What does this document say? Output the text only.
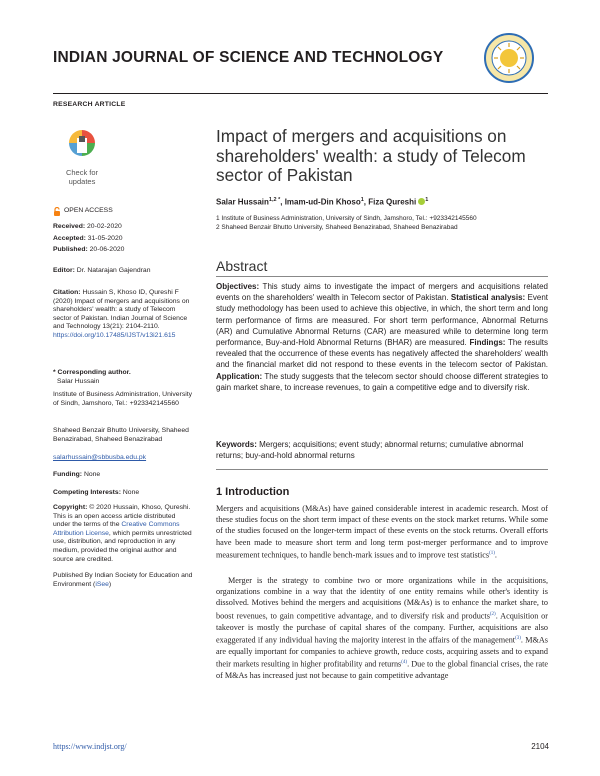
INDIAN JOURNAL OF SCIENCE AND TECHNOLOGY
RESEARCH ARTICLE
Check for updates
OPEN ACCESS
Received: 20-02-2020
Accepted: 31-05-2020
Published: 20-06-2020
Editor: Dr. Natarajan Gajendran
Citation: Hussain S, Khoso ID, Qureshi F (2020) Impact of mergers and acquisitions on shareholders' wealth: a study of Telecom sector of Pakistan. Indian Journal of Science and Technology 13(21): 2104-2110. https://doi.org/10.17485/IJST/v13i21.615
* Corresponding author.
Salar Hussain
Institute of Business Administration, University of Sindh, Jamshoro, Tel.: +923342145560
Shaheed Benzair Bhutto University, Shaheed Benazirabad, Shaheed Benazirabad
salarhussain@sbbusba.edu.pk
Funding: None
Competing Interests: None
Copyright: © 2020 Hussain, Khoso, Qureshi. This is an open access article distributed under the terms of the Creative Commons Attribution License, which permits unrestricted use, distribution, and reproduction in any medium, provided the original author and source are credited.
Published By Indian Society for Education and Environment (iSee)
Impact of mergers and acquisitions on shareholders' wealth: a study of Telecom sector of Pakistan
Salar Hussain$^{1,2 *}$, Imam-ud-Din Khoso$^1$, Fiza Qureshi $^1$
1 Institute of Business Administration, University of Sindh, Jamshoro, Tel.: +923342145560
2 Shaheed Benzair Bhutto University, Shaheed Benazirabad, Shaheed Benazirabad
Abstract
Objectives: This study aims to investigate the impact of mergers and acquisitions related events on the shareholders' wealth in Telecom sector of Pakistan. Statistical analysis: Event study methodology has been used to achieve this objective, in which, the short term and long term performance of firms are measured. For short term performance, Abnormal Returns (AR) and Cumulative Abnormal Returns (CAR) are measured while to determine long term performance, Buy-and-Hold Abnormal Returns (BHAR) are measured. Findings: The results revealed that the occurrence of these events has negatively affected the shareholders' wealth and the financial market did not respond to these events in the telecom sector of Pakistan. Application: The study suggests that the telecom sector should choose different strategies to gain market share, to increase revenues, to gain a competitive edge and to diversify risk.
Keywords: Mergers; acquisitions; event study; abnormal returns; cumulative abnormal returns; buy-and-hold abnormal returns
1 Introduction
Mergers and acquisitions (M&As) have gained considerable interest in academic research. Most of these studies focus on the short term impact of these events on the stock market returns. While some of the studies focused on the longer-term impact of these events on the stock returns. Overall efforts have been made to measure short term and long term post-merger performance and to improve measurement techniques, to handle bench-mark issues and to improve test statistics$^{(1)}$.
Merger is the strategy to combine two or more organizations while in the acquisitions, organizations combine in a way that the identity of one entity remains while other's identity is dissolved. Motives behind the mergers and acquisitions (M&As) is to enhance the market share, to boost revenues, to gain competitive advantage, and to diversify risk and products$^{(2)}$. Acquisition or takeover is mostly the purchase of capital shares of the company. Further, acquisitions are also exaggerated if any individual having the majority interest in the affairs of the management$^{(3)}$. M&As are equally important for companies to achieve growth, reduce costs, acquiring assets and to expand their markets resulting in higher profitability and returns$^{(4)}$. Due to the global financial crises, the rate of M&As has increased just not because to gain competitive advantage
https://www.indjst.org/	2104
